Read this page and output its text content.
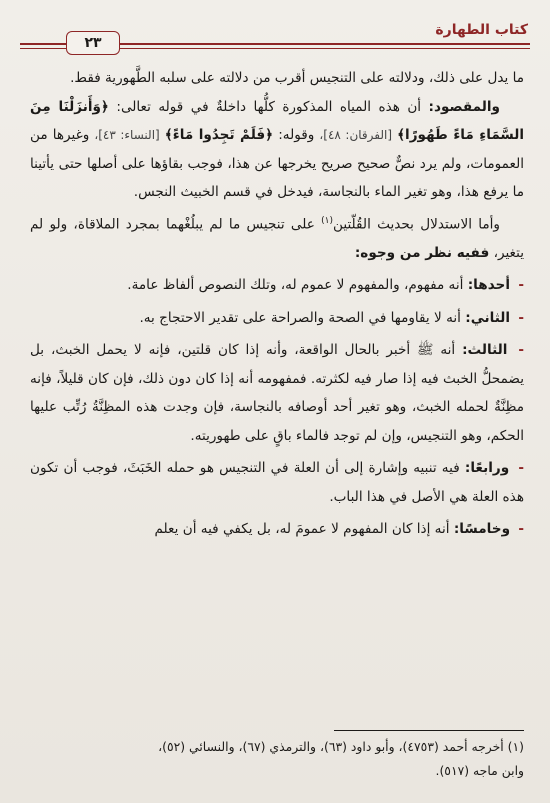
كتاب الطهارة
٢٣

ما يدل على ذلك، ودلالته على التنجيس أقرب من دلالته على سلبه الطَّهورية فقط.

والمقصود: أن هذه المياه المذكورة كلُّها داخلةٌ في قوله تعالى: ﴿وَأَنزَلْنَا مِنَ السَّمَاءِ مَاءً طَهُورًا﴾ [الفرقان: ٤٨]، وقوله: ﴿فَلَمْ تَجِدُوا مَاءً﴾ [النساء: ٤٣]، وغيرها من العمومات، ولم يرد نصٌّ صحيح صريح يخرجها عن هذا، فوجب بقاؤها على أصلها حتى يأتينا ما يرفع هذا، وهو تغير الماء بالنجاسة، فيدخل في قسم الخبيث النجس.

وأما الاستدلال بحديث القُلّتين$^{(١)}$ على تنجيس ما لم يبلُغْهما بمجرد الملاقاة، ولو لم يتغير، ففيه نظر من وجوه:

- أحدها: أنه مفهوم، والمفهوم لا عموم له، وتلك النصوص ألفاظ عامة.

- الثاني: أنه لا يقاومها في الصحة والصراحة على تقدير الاحتجاج به.

- الثالث: أنه ﷺ أخبر بالحال الواقعة، وأنه إذا كان قلتين، فإنه لا يحمل الخبث، بل يضمحلُّ الخبث فيه إذا صار فيه لكثرته. فمفهومه أنه إذا كان دون ذلك، فإن كان قليلاً، فإنه مظِنَّةٌ لحمله الخبث، وهو تغير أحد أوصافه بالنجاسة، فإن وجدت هذه المظِنَّةُ رُتِّب عليها الحكم، وهو التنجيس، وإن لم توجد فالماء باقٍ على طهوريته.

- ورابعًا: فيه تنبيه وإشارة إلى أن العلة في التنجيس هو حمله الخَبَثَ، فوجب أن تكون هذه العلة هي الأصل في هذا الباب.

- وخامسًا: أنه إذا كان المفهوم لا عمومَ له، بل يكفي فيه أن يعلم

(١) أخرجه أحمد (٤٧٥٣)، وأبو داود (٦٣)، والترمذي (٦٧)، والنسائي (٥٢)،

وابن ماجه (٥١٧).
